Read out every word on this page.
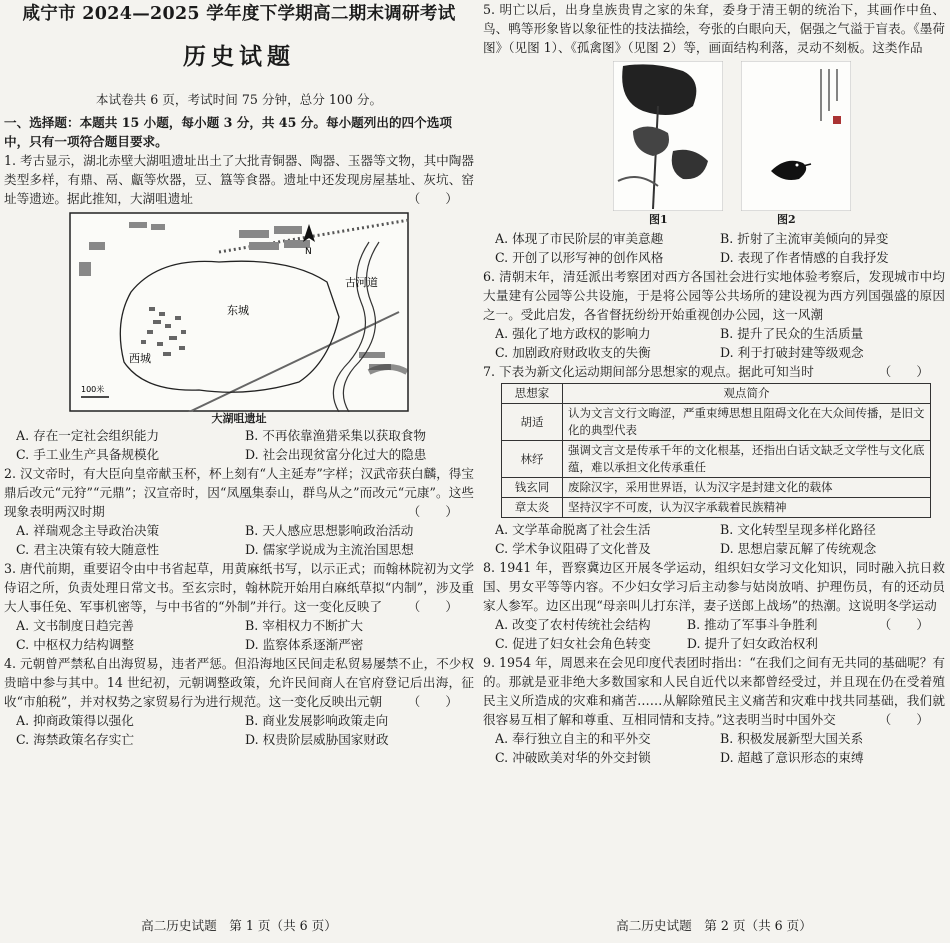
咸宁市 2024—2025 学年度下学期高二期末调研考试
历史试题
本试卷共 6 页，考试时间 75 分钟，总分 100 分。
一、选择题：本题共 15 小题，每小题 3 分，共 45 分。每小题列出的四个选项中，只有一项符合题目要求。
1. 考古显示，湖北赤壁大湖咀遗址出土了大批青铜器、陶器、玉器等文物，其中陶器类型多样，有鼎、鬲、甗等炊器，豆、簋等食器。遗址中还发现房屋基址、灰坑、窑址等遗迹。据此推知，大湖咀遗址	（　　）
N
东城
西城
古河道
100米
大湖咀遗址
A. 存在一定社会组织能力	B. 不再依靠渔猎采集以获取食物
C. 手工业生产具备规模化	D. 社会出现贫富分化过大的隐患
2. 汉文帝时，有大臣向皇帝献玉杯，杯上刻有“人主延寿”字样；汉武帝获白麟，得宝鼎后改元“元狩”“元鼎”；汉宣帝时，因“凤凰集泰山，群鸟从之”而改元“元康”。这些现象表明两汉时期	（　　）
A. 祥瑞观念主导政治决策	B. 天人感应思想影响政治活动
C. 君主决策有较大随意性	D. 儒家学说成为主流治国思想
3. 唐代前期，重要诏令由中书省起草，用黄麻纸书写，以示正式；而翰林院初为文学侍诏之所，负责处理日常文书。至玄宗时，翰林院开始用白麻纸草拟“内制”，涉及重大人事任免、军事机密等，与中书省的“外制”并行。这一变化反映了 （　　）
A. 文书制度日趋完善	B. 宰相权力不断扩大
C. 中枢权力结构调整	D. 监察体系逐渐严密
4. 元朝曾严禁私自出海贸易，违者严惩。但沿海地区民间走私贸易屡禁不止，不少权贵暗中参与其中。14 世纪初，元朝调整政策，允许民间商人在官府登记后出海，征收“市舶税”，并对权势之家贸易行为进行规范。这一变化反映出元朝 （　　）
A. 抑商政策得以强化	B. 商业发展影响政策走向
C. 海禁政策名存实亡	D. 权贵阶层威胁国家财政
高二历史试题　第 1 页（共 6 页）
5. 明亡以后，出身皇族贵胄之家的朱耷，委身于清王朝的统治下，其画作中鱼、鸟、鸭等形象皆以象征性的技法描绘，夸张的白眼向天，倨强之气溢于盲表。《墨荷图》（见图 1）、《孤禽图》（见图 2）等，画面结构利落，灵动不刻板。这类作品
图1	图2
A. 体现了市民阶层的审美意趣	B. 折射了主流审美倾向的异变
C. 开创了以形写神的创作风格	D. 表现了作者情感的自我抒发
6. 清朝末年，清廷派出考察团对西方各国社会进行实地体验考察后，发现城市中均大量建有公园等公共设施，于是将公园等公共场所的建设视为西方列国强盛的原因之一。受此启发，各省督抚纷纷开始重视创办公园，这一风潮
A. 强化了地方政权的影响力	B. 提升了民众的生活质量
C. 加剧政府财政收支的失衡	D. 利于打破封建等级观念
7. 下表为新文化运动期间部分思想家的观点。据此可知当时	（　　）
思想家	观点简介
胡适	认为文言文行文晦涩，严重束缚思想且阻碍文化在大众间传播，是旧文化的典型代表
林纾	强调文言文是传承千年的文化根基，还指出白话文缺乏文学性与文化底蕴，难以承担文化传承重任
钱玄同	废除汉字，采用世界语，认为汉字是封建文化的载体
章太炎	坚持汉字不可废，认为汉字承载着民族精神
A. 文学革命脱离了社会生活	B. 文化转型呈现多样化路径
C. 学术争议阻碍了文化普及	D. 思想启蒙瓦解了传统观念
8. 1941 年，晋察冀边区开展冬学运动，组织妇女学习文化知识，同时融入抗日救国、男女平等等内容。不少妇女学习后主动参与姑岗放哨、护理伤员，有的还动员家人参军。边区出现“母亲叫儿打东洋，妻子送郎上战场”的热潮。这说明冬学运动
（　　）
A. 改变了农村传统社会结构	B. 推动了军事斗争胜利
C. 促进了妇女社会角色转变	D. 提升了妇女政治权利
9. 1954 年，周恩来在会见印度代表团时指出：“在我们之间有无共同的基础呢？有的。那就是亚非绝大多数国家和人民自近代以来都曾经受过，并且现在仍在受着殖民主义所造成的灾难和痛苦……从解除殖民主义痛苦和灾难中找共同基础，我们就很容易互相了解和尊重、互相同情和支持。”这表明当时中国外交	（　　）
A. 奉行独立自主的和平外交	B. 积极发展新型大国关系
C. 冲破欧美对华的外交封锁	D. 超越了意识形态的束缚
高二历史试题　第 2 页（共 6 页）
